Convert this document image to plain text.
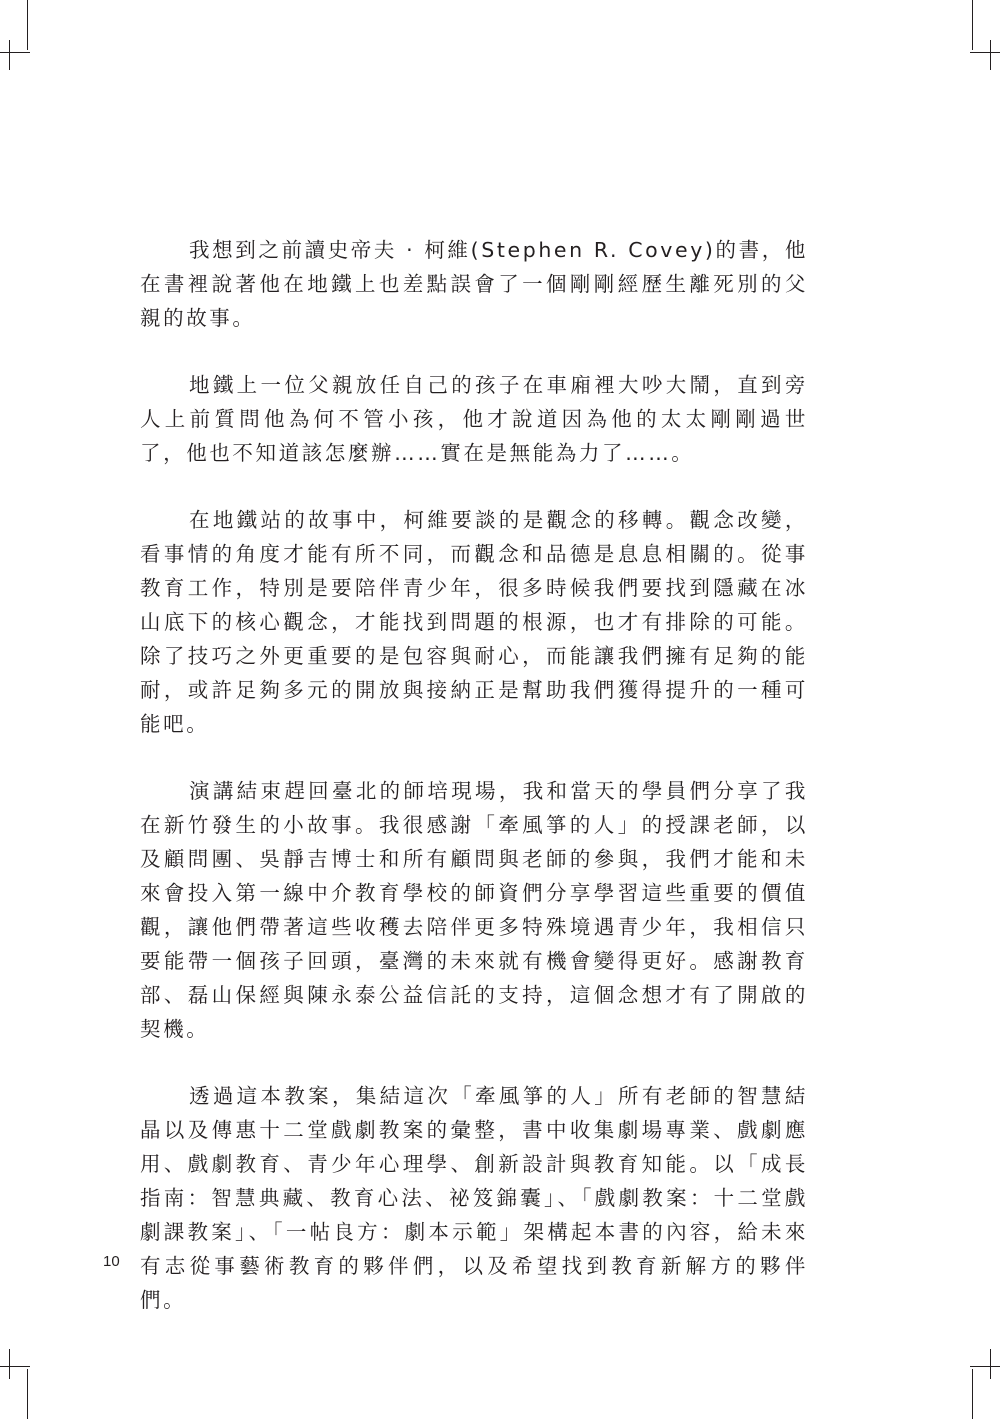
我想到之前讀史帝夫 · 柯維(Stephen R. Covey)的書，他在書裡說著他在地鐵上也差點誤會了一個剛剛經歷生離死別的父親的故事。

地鐵上一位父親放任自己的孩子在車廂裡大吵大鬧，直到旁人上前質問他為何不管小孩，他才說道因為他的太太剛剛過世了，他也不知道該怎麼辦……實在是無能為力了……。

在地鐵站的故事中，柯維要談的是觀念的移轉。觀念改變，看事情的角度才能有所不同，而觀念和品德是息息相關的。從事教育工作，特別是要陪伴青少年，很多時候我們要找到隱藏在冰山底下的核心觀念，才能找到問題的根源，也才有排除的可能。除了技巧之外更重要的是包容與耐心，而能讓我們擁有足夠的能耐，或許足夠多元的開放與接納正是幫助我們獲得提升的一種可能吧。

演講結束趕回臺北的師培現場，我和當天的學員們分享了我在新竹發生的小故事。我很感謝「牽風箏的人」的授課老師，以及顧問團、吳靜吉博士和所有顧問與老師的參與，我們才能和未來會投入第一線中介教育學校的師資們分享學習這些重要的價值觀，讓他們帶著這些收穫去陪伴更多特殊境遇青少年，我相信只要能帶一個孩子回頭，臺灣的未來就有機會變得更好。感謝教育部、磊山保經與陳永泰公益信託的支持，這個念想才有了開啟的契機。

透過這本教案，集結這次「牽風箏的人」所有老師的智慧結晶以及傳惠十二堂戲劇教案的彙整，書中收集劇場專業、戲劇應用、戲劇教育、青少年心理學、創新設計與教育知能。以「成長指南：智慧典藏、教育心法、祕笈錦囊」、「戲劇教案：十二堂戲劇課教案」、「一帖良方：劇本示範」架構起本書的內容，給未來有志從事藝術教育的夥伴們，以及希望找到教育新解方的夥伴們。

10
